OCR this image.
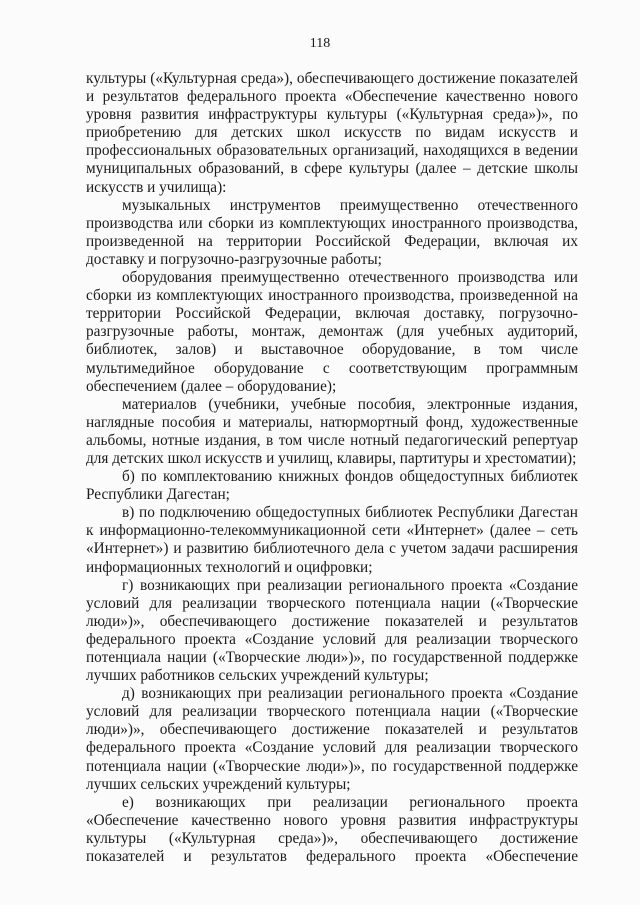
118

культуры («Культурная среда»), обеспечивающего достижение показателей и результатов федерального проекта «Обеспечение качественно нового уровня развития инфраструктуры культуры («Культурная среда»)», по приобретению для детских школ искусств по видам искусств и профессиональных образовательных организаций, находящихся в ведении муниципальных образований, в сфере культуры (далее – детские школы искусств и училища):

музыкальных инструментов преимущественно отечественного производства или сборки из комплектующих иностранного производства, произведенной на территории Российской Федерации, включая их доставку и погрузочно-разгрузочные работы;

оборудования преимущественно отечественного производства или сборки из комплектующих иностранного производства, произведенной на территории Российской Федерации, включая доставку, погрузочно-разгрузочные работы, монтаж, демонтаж (для учебных аудиторий, библиотек, залов) и выставочное оборудование, в том числе мультимедийное оборудование с соответствующим программным обеспечением (далее – оборудование);

материалов (учебники, учебные пособия, электронные издания, наглядные пособия и материалы, натюрмортный фонд, художественные альбомы, нотные издания, в том числе нотный педагогический репертуар для детских школ искусств и училищ, клавиры, партитуры и хрестоматии);

б) по комплектованию книжных фондов общедоступных библиотек Республики Дагестан;

в) по подключению общедоступных библиотек Республики Дагестан к информационно-телекоммуникационной сети «Интернет» (далее – сеть «Интернет») и развитию библиотечного дела с учетом задачи расширения информационных технологий и оцифровки;

г) возникающих при реализации регионального проекта «Создание условий для реализации творческого потенциала нации («Творческие люди»)», обеспечивающего достижение показателей и результатов федерального проекта «Создание условий для реализации творческого потенциала нации («Творческие люди»)», по государственной поддержке лучших работников сельских учреждений культуры;

д) возникающих при реализации регионального проекта «Создание условий для реализации творческого потенциала нации («Творческие люди»)», обеспечивающего достижение показателей и результатов федерального проекта «Создание условий для реализации творческого потенциала нации («Творческие люди»)», по государственной поддержке лучших сельских учреждений культуры;

е) возникающих при реализации регионального проекта «Обеспечение качественно нового уровня развития инфраструктуры культуры («Культурная среда»)», обеспечивающего достижение показателей и результатов федерального проекта «Обеспечение
